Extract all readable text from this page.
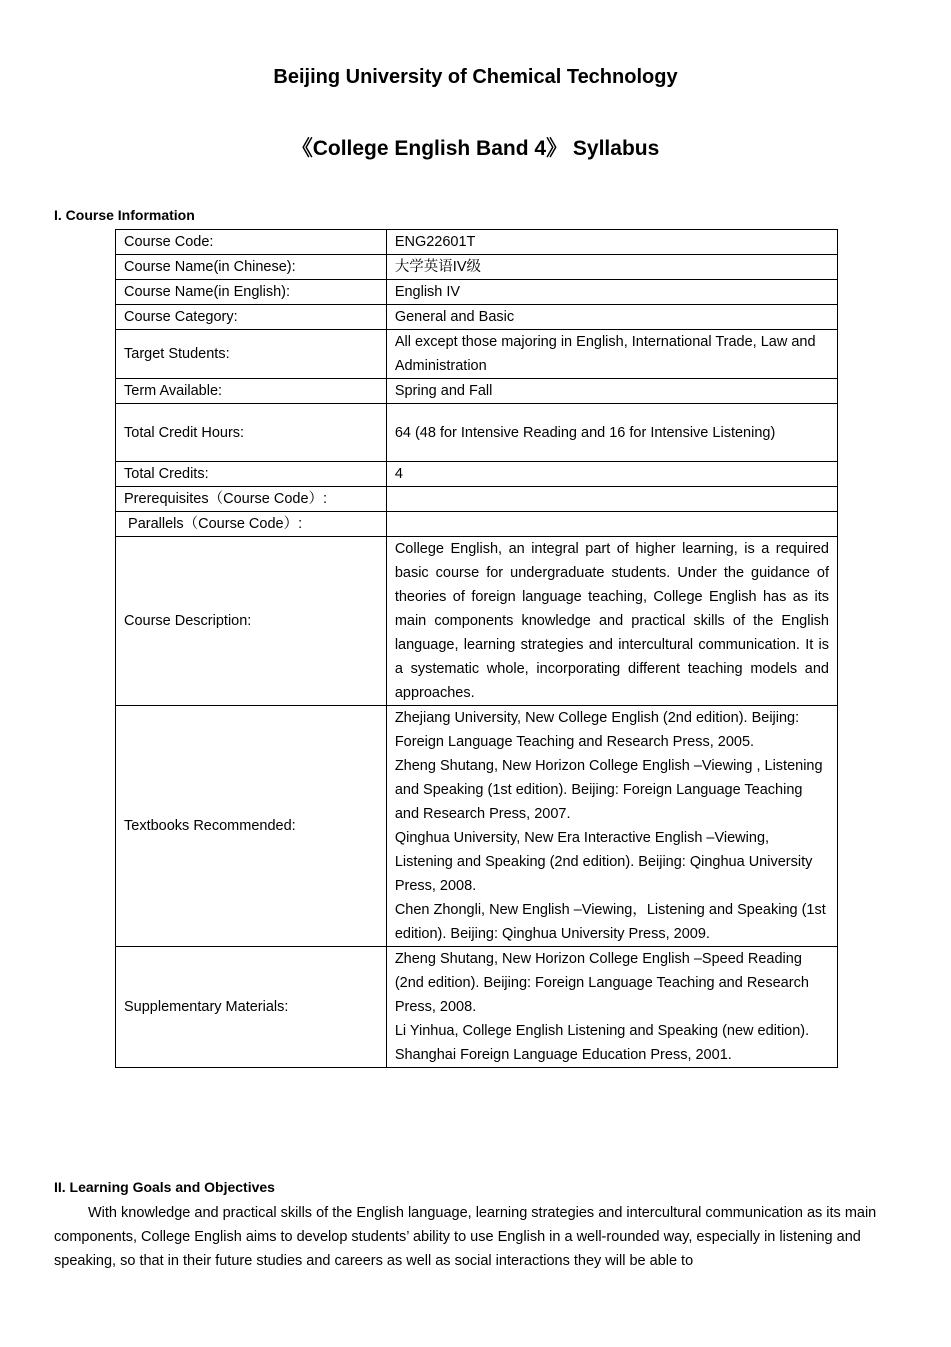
Beijing University of Chemical Technology
《College English Band 4》 Syllabus
I. Course Information
Course Code:	ENG22601T
Course Name(in Chinese):	大学英语IV级
Course Name(in English):	English IV
Course Category:	General and Basic
Target Students:	All except those majoring in English, International Trade, Law and Administration
Term Available:	Spring and Fall
Total Credit Hours:	64 (48 for Intensive Reading and 16 for Intensive Listening)
Total Credits:	4
Prerequisites（Course Code）:	
Parallels（Course Code）:	
Course Description:	College English, an integral part of higher learning, is a required basic course for undergraduate students. Under the guidance of theories of foreign language teaching, College English has as its main components knowledge and practical skills of the English language, learning strategies and intercultural communication. It is a systematic whole, incorporating different teaching models and approaches.
Textbooks Recommended:	Zhejiang University, New College English (2nd edition). Beijing: Foreign Language Teaching and Research Press, 2005.
Zheng Shutang, New Horizon College English –Viewing , Listening and Speaking (1st edition). Beijing: Foreign Language Teaching and Research Press, 2007.
Qinghua University, New Era Interactive English –Viewing, Listening and Speaking (2nd edition). Beijing: Qinghua University Press, 2008.
Chen Zhongli, New English –Viewing，Listening and Speaking (1st edition). Beijing: Qinghua University Press, 2009.

Supplementary Materials:	Zheng Shutang, New Horizon College English –Speed Reading (2nd edition). Beijing: Foreign Language Teaching and Research Press, 2008.
Li Yinhua, College English Listening and Speaking (new edition). Shanghai Foreign Language Education Press, 2001.
II. Learning Goals and Objectives

With knowledge and practical skills of the English language, learning strategies and intercultural communication as its main components, College English aims to develop students’ ability to use English in a well-rounded way, especially in listening and speaking, so that in their future studies and careers as well as social interactions they will be able to
